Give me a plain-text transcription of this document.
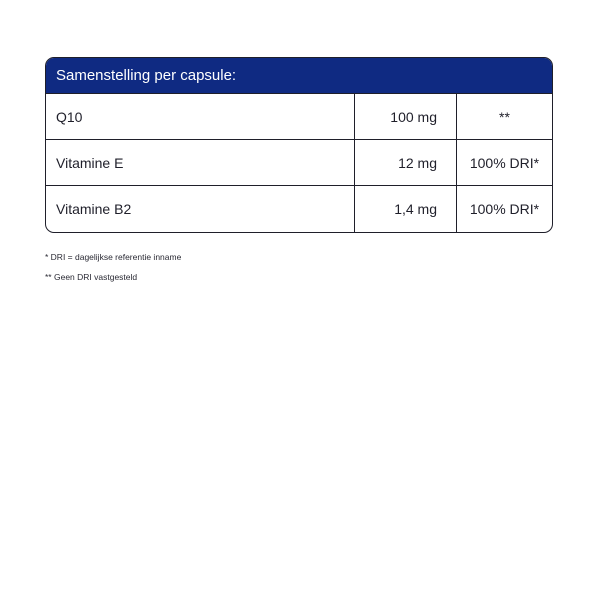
Samenstelling per capsule:
Q10	100 mg	**
Vitamine E	12 mg	100% DRI*
Vitamine B2	1,4 mg	100% DRI*
* DRI = dagelijkse referentie inname
** Geen DRI vastgesteld
